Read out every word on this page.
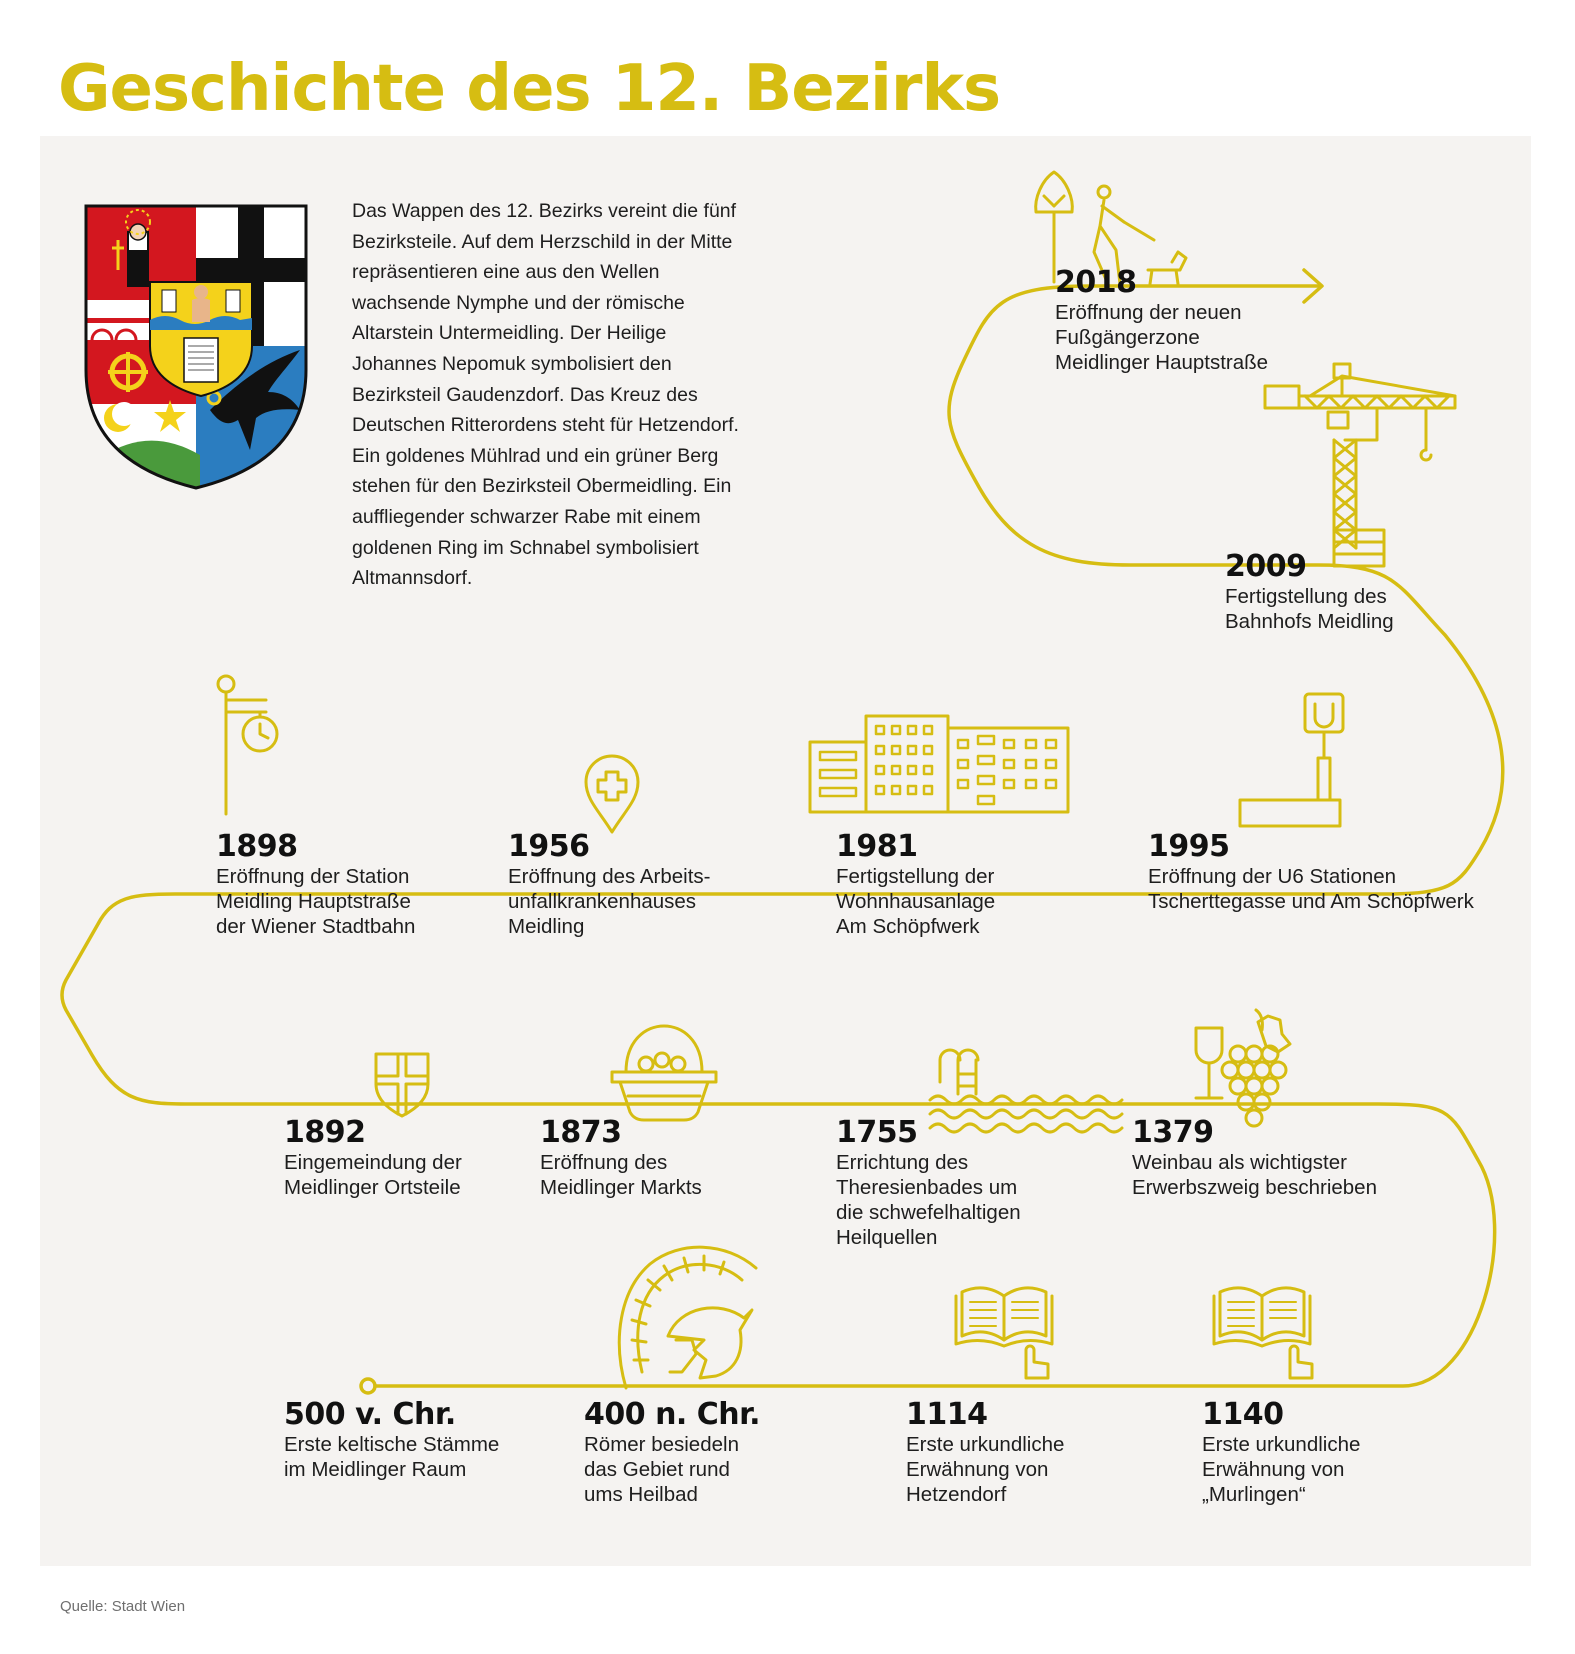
Geschichte des 12. Bezirks

Das Wappen des 12. Bezirks vereint die fünf Bezirksteile. Auf dem Herzschild in der Mitte repräsentieren eine aus den Wellen wachsende Nymphe und der römische Altarstein Untermeidling. Der Heilige Johannes Nepomuk symbolisiert den Bezirksteil Gaudenzdorf. Das Kreuz des Deutschen Ritterordens steht für Hetzendorf. Ein goldenes Mühlrad und ein grüner Berg stehen für den Bezirksteil Obermeidling. Ein auffliegender schwarzer Rabe mit einem goldenen Ring im Schnabel symbolisiert Altmannsdorf.

500 v. Chr.
Erste keltische Stämme
im Meidlinger Raum
400 n. Chr.
Römer besiedeln
das Gebiet rund
ums Heilbad
1114
Erste urkundliche
Erwähnung von
Hetzendorf
1140
Erste urkundliche
Erwähnung von
„Murlingen“
1379
Weinbau als wichtigster
Erwerbszweig beschrieben
1755
Errichtung des
Theresienbades um
die schwefelhaltigen
Heilquellen
1873
Eröffnung des
Meidlinger Markts
1892
Eingemeindung der
Meidlinger Ortsteile
1898
Eröffnung der Station
Meidling Hauptstraße
der Wiener Stadtbahn
1956
Eröffnung des Arbeits-
unfallkrankenhauses
Meidling
1981
Fertigstellung der
Wohnhausanlage
Am Schöpfwerk
1995
Eröffnung der U6 Stationen
Tscherttegasse und Am Schöpfwerk
2009
Fertigstellung des
Bahnhofs Meidling
2018
Eröffnung der neuen
Fußgängerzone
Meidlinger Hauptstraße
Quelle: Stadt Wien
